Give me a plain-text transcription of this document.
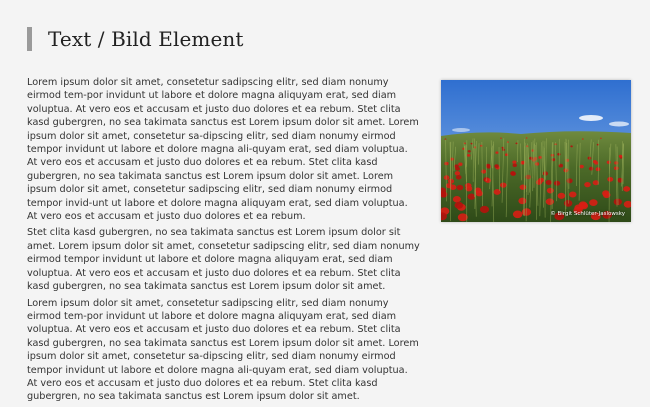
Text / Bild Element

Lorem ipsum dolor sit amet, consetetur sadipscing elitr, sed diam nonumy eirmod tem-por invidunt ut labore et dolore magna aliquyam erat, sed diam voluptua. At vero eos et accusam et justo duo dolores et ea rebum. Stet clita kasd gubergren, no sea takimata sanctus est Lorem ipsum dolor sit amet. Lorem ipsum dolor sit amet, consetetur sa-dipscing elitr, sed diam nonumy eirmod tempor invidunt ut labore et dolore magna ali-quyam erat, sed diam voluptua. At vero eos et accusam et justo duo dolores et ea rebum. Stet clita kasd gubergren, no sea takimata sanctus est Lorem ipsum dolor sit amet. Lorem ipsum dolor sit amet, consetetur sadipscing elitr, sed diam nonumy eirmod tempor invid-unt ut labore et dolore magna aliquyam erat, sed diam voluptua. At vero eos et accusam et justo duo dolores et ea rebum.

Stet clita kasd gubergren, no sea takimata sanctus est Lorem ipsum dolor sit amet. Lorem ipsum dolor sit amet, consetetur sadipscing elitr, sed diam nonumy eirmod tempor invidunt ut labore et dolore magna aliquyam erat, sed diam voluptua. At vero eos et accusam et justo duo dolores et ea rebum. Stet clita kasd gubergren, no sea takimata sanctus est Lorem ipsum dolor sit amet.

Lorem ipsum dolor sit amet, consetetur sadipscing elitr, sed diam nonumy eirmod tem-por invidunt ut labore et dolore magna aliquyam erat, sed diam voluptua. At vero eos et accusam et justo duo dolores et ea rebum. Stet clita kasd gubergren, no sea takimata sanctus est Lorem ipsum dolor sit amet. Lorem ipsum dolor sit amet, consetetur sa-dipscing elitr, sed diam nonumy eirmod tempor invidunt ut labore et dolore magna ali-quyam erat, sed diam voluptua. At vero eos et accusam et justo duo dolores et ea rebum. Stet clita kasd gubergren, no sea takimata sanctus est Lorem ipsum dolor sit amet.

© Birgit Schlüter-Jaslowsky
